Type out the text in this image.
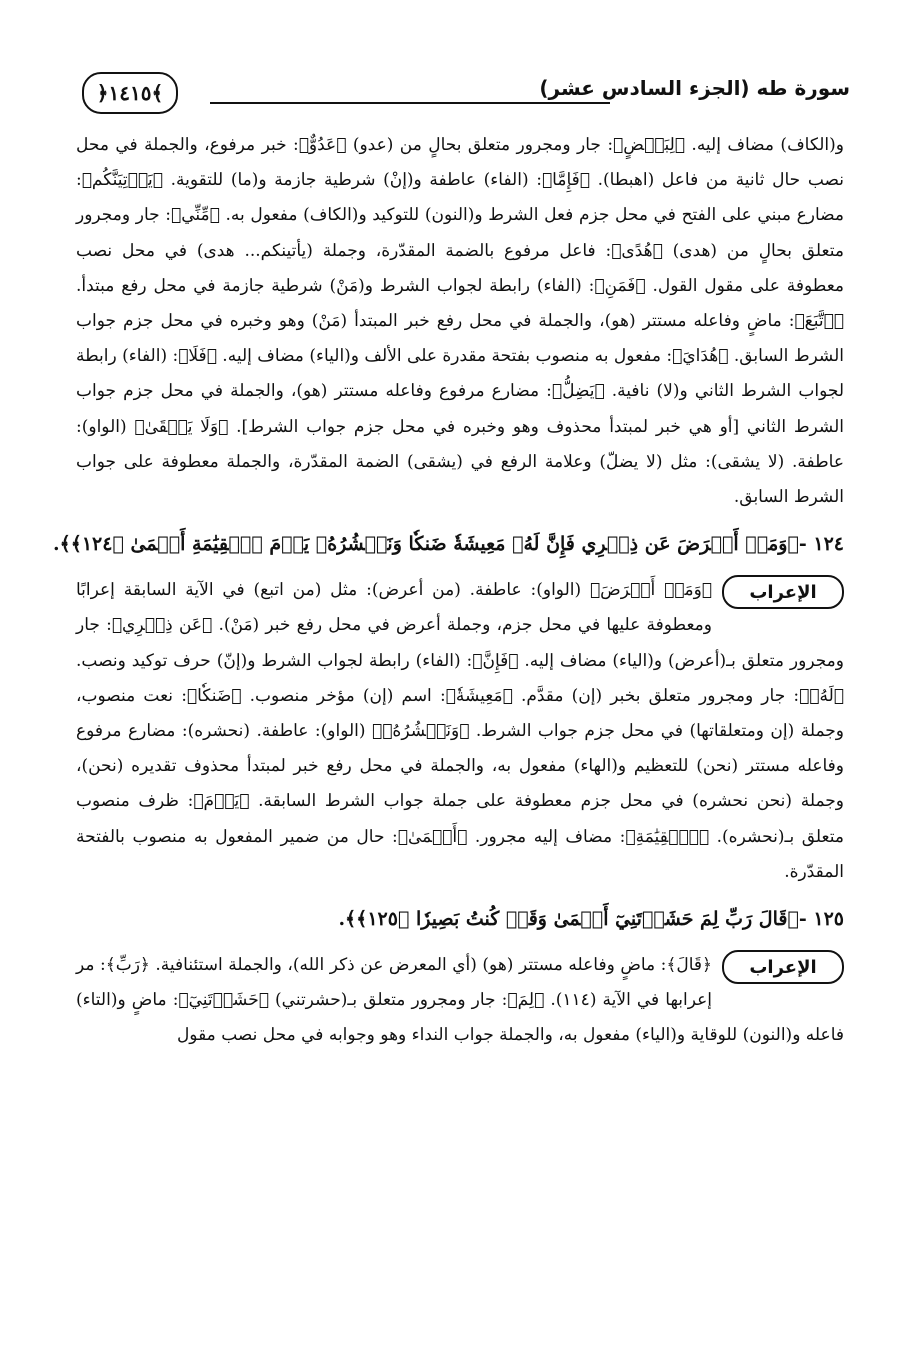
﴿١٤١٥﴾	سورة طه (الجزء السادس عشر)

و(الكاف) مضاف إليه. ﴿لِبَعۡضٍ﴾: جار ومجرور متعلق بحالٍ من (عدو) ﴿عَدُوٌّ﴾: خبر مرفوع، والجملة في محل نصب حال ثانية من فاعل (اهبطا). ﴿فَإِمَّا﴾: (الفاء) عاطفة و(إنْ) شرطية جازمة و(ما) للتقوية. ﴿يَأۡتِيَنَّكُم﴾: مضارع مبني على الفتح في محل جزم فعل الشرط و(النون) للتوكيد و(الكاف) مفعول به. ﴿مِّنِّي﴾: جار ومجرور متعلق بحالٍ من (هدى) ﴿هُدًى﴾: فاعل مرفوع بالضمة المقدّرة، وجملة (يأتينكم... هدى) في محل نصب معطوفة على مقول القول. ﴿فَمَنِ﴾: (الفاء) رابطة لجواب الشرط و(مَنْ) شرطية جازمة في محل رفع مبتدأ. ﴿ٱتَّبَعَ﴾: ماضٍ وفاعله مستتر (هو)، والجملة في محل رفع خبر المبتدأ (مَنْ) وهو وخبره في محل جزم جواب الشرط السابق. ﴿هُدَايَ﴾: مفعول به منصوب بفتحة مقدرة على الألف و(الياء) مضاف إليه. ﴿فَلَا﴾: (الفاء) رابطة لجواب الشرط الثاني و(لا) نافية. ﴿يَضِلُّ﴾: مضارع مرفوع وفاعله مستتر (هو)، والجملة في محل جزم جواب الشرط الثاني [أو هي خبر لمبتدأ محذوف وهو وخبره في محل جزم جواب الشرط]. ﴿وَلَا يَشۡقَىٰ﴾ (الواو): عاطفة. (لا يشقى): مثل (لا يضلّ) وعلامة الرفع في (يشقى) الضمة المقدّرة، والجملة معطوفة على جواب الشرط السابق.

١٢٤ -﴿وَمَنۡ أَعۡرَضَ عَن ذِكۡرِي فَإِنَّ لَهُۥ مَعِيشَةٗ ضَنكٗا وَنَحۡشُرُهُۥ يَوۡمَ ٱلۡقِيَٰمَةِ أَعۡمَىٰ ﴿١٢٤﴾﴾.

الإعراب

﴿وَمَنۡ أَعۡرَضَ﴾ (الواو): عاطفة. (من أعرض): مثل (من اتبع) في الآية السابقة إعرابًا ومعطوفة عليها في محل جزم، وجملة أعرض في محل رفع خبر (مَنْ). ﴿عَن ذِكۡرِي﴾: جار ومجرور متعلق بـ(أعرض) و(الياء) مضاف إليه. ﴿فَإِنَّ﴾: (الفاء) رابطة لجواب الشرط و(إنّ) حرف توكيد ونصب. ﴿لَهُۥ﴾: جار ومجرور متعلق بخبر (إن) مقدَّم. ﴿مَعِيشَةٗ﴾: اسم (إن) مؤخر منصوب. ﴿ضَنكٗا﴾: نعت منصوب، وجملة (إن ومتعلقاتها) في محل جزم جواب الشرط. ﴿وَنَحۡشُرُهُۥ﴾ (الواو): عاطفة. (نحشره): مضارع مرفوع وفاعله مستتر (نحن) للتعظيم و(الهاء) مفعول به، والجملة في محل رفع خبر لمبتدأ محذوف تقديره (نحن)، وجملة (نحن نحشره) في محل جزم معطوفة على جملة جواب الشرط السابقة. ﴿يَوۡمَ﴾: ظرف منصوب متعلق بـ(نحشره). ﴿ٱلۡقِيَٰمَةِ﴾: مضاف إليه مجرور. ﴿أَعۡمَىٰ﴾: حال من ضمير المفعول به منصوب بالفتحة المقدّرة.

١٢٥ -﴿قَالَ رَبِّ لِمَ حَشَرۡتَنِيٓ أَعۡمَىٰ وَقَدۡ كُنتُ بَصِيرٗا ﴿١٢٥﴾﴾.

الإعراب

﴿قَالَ﴾: ماضٍ وفاعله مستتر (هو) (أي المعرض عن ذكر الله)، والجملة استئنافية. ﴿رَبِّ﴾: مر إعرابها في الآية (١١٤). ﴿لِمَ﴾: جار ومجرور متعلق بـ(حشرتني) ﴿حَشَرۡتَنِيٓ﴾: ماضٍ و(التاء) فاعله و(النون) للوقاية و(الياء) مفعول به، والجملة جواب النداء وهو وجوابه في محل نصب مقول
